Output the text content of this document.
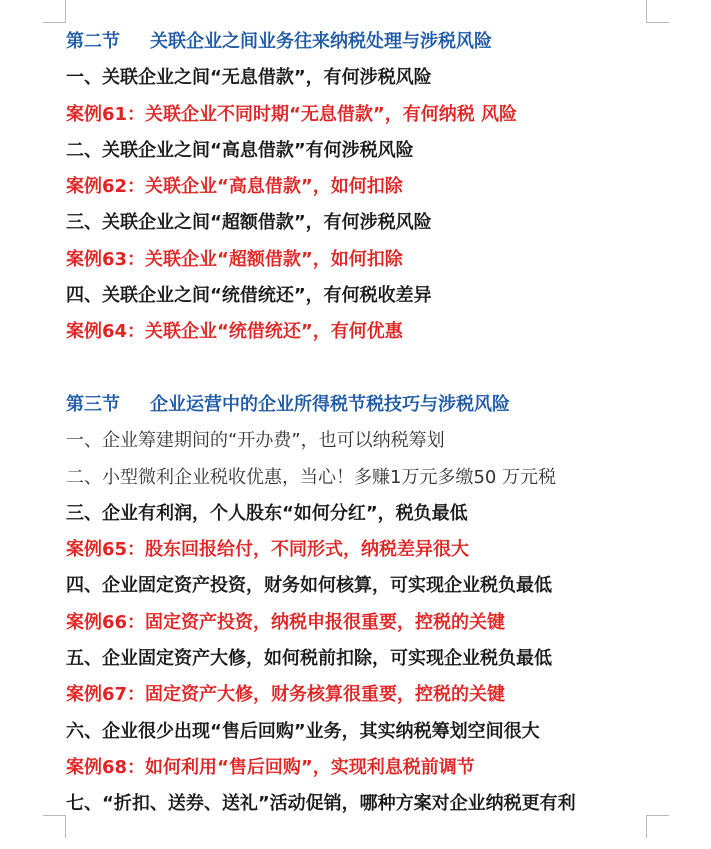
第二节 关联企业之间业务往来纳税处理与涉税风险
一、关联企业之间“无息借款”，有何涉税风险
案例61：关联企业不同时期“无息借款”，有何纳税 风险
二、关联企业之间“高息借款”有何涉税风险
案例62：关联企业“高息借款”，如何扣除
三、关联企业之间“超额借款”，有何涉税风险
案例63：关联企业“超额借款”，如何扣除
四、关联企业之间“统借统还”，有何税收差异
案例64：关联企业“统借统还”，有何优惠
第三节 企业运营中的企业所得税节税技巧与涉税风险
一、企业筹建期间的“开办费”，也可以纳税筹划
二、小型微利企业税收优惠，当心！多赚1万元多缴50 万元税
三、企业有利润，个人股东“如何分红”，税负最低
案例65：股东回报给付，不同形式，纳税差异很大
四、企业固定资产投资，财务如何核算，可实现企业税负最低
案例66：固定资产投资，纳税申报很重要，控税的关键
五、企业固定资产大修，如何税前扣除，可实现企业税负最低
案例67：固定资产大修，财务核算很重要，控税的关键
六、企业很少出现“售后回购”业务，其实纳税筹划空间很大
案例68：如何利用“售后回购”，实现利息税前调节
七、“折扣、送券、送礼”活动促销，哪种方案对企业纳税更有利
